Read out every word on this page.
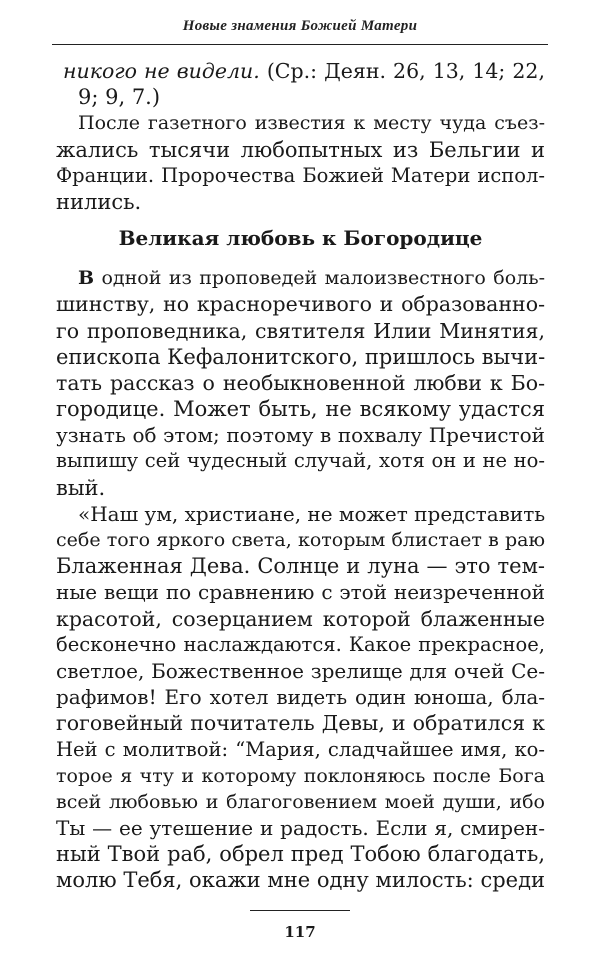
Новые знамения Божией Матери
никого не видели. (Ср.: Деян. 26, 13, 14; 22,
9; 9, 7.)
После газетного известия к месту чуда съез-
жались тысячи любопытных из Бельгии и
Франции. Пророчества Божией Матери испол-
нились.
Великая любовь к Богородице
В одной из проповедей малоизвестного боль-
шинству, но красноречивого и образованно-
го проповедника, святителя Илии Минятия,
епископа Кефалонитского, пришлось вычи-
тать рассказ о необыкновенной любви к Бо-
городице. Может быть, не всякому удастся
узнать об этом; поэтому в похвалу Пречистой
выпишу сей чудесный случай, хотя он и не но-
вый.
«Наш ум, христиане, не может представить
себе того яркого света, которым блистает в раю
Блаженная Дева. Солнце и луна — это тем-
ные вещи по сравнению с этой неизреченной
красотой, созерцанием которой блаженные
бесконечно наслаждаются. Какое прекрасное,
светлое, Божественное зрелище для очей Се-
рафимов! Его хотел видеть один юноша, бла-
гоговейный почитатель Девы, и обратился к
Ней с молитвой: “Мария, сладчайшее имя, ко-
торое я чту и которому поклоняюсь после Бога
всей любовью и благоговением моей души, ибо
Ты — ее утешение и радость. Если я, смирен-
ный Твой раб, обрел пред Тобою благодать,
молю Тебя, окажи мне одну милость: среди
117
